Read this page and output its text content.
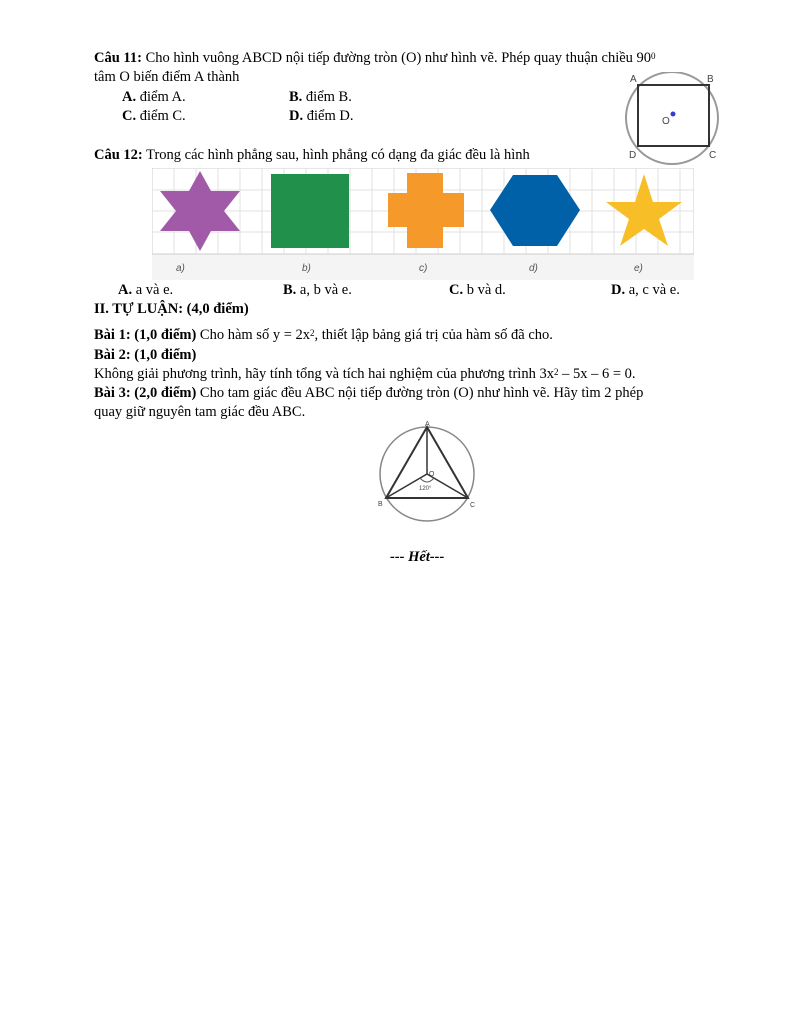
Câu 11: Cho hình vuông ABCD nội tiếp đường tròn (O) như hình vẽ. Phép quay thuận chiều $90^0$
tâm O biến điểm A thành
A. điểm A.	B. điểm B.
C. điểm C.	D. điểm D.
A	B
C
D
O
Câu 12: Trong các hình phẳng sau, hình phẳng có dạng đa giác đều là hình
a)	b)	c)	d)	e)
A. a và e.	B. a, b và e.	C. b và d.	D. a, c và e.
II. TỰ LUẬN: (4,0 điểm)
Bài 1: (1,0 điểm) Cho hàm số $y = 2x^2$, thiết lập bảng giá trị của hàm số đã cho.
Bài 2: (1,0 điểm)
Không giải phương trình, hãy tính tổng và tích hai nghiệm của phương trình $3x^2 - 5x - 6 = 0$.
Bài 3: (2,0 điểm) Cho tam giác đều ABC nội tiếp đường tròn (O) như hình vẽ. Hãy tìm 2 phép
quay giữ nguyên tam giác đều ABC.
A
B	C
O
120°
--- Hết---
